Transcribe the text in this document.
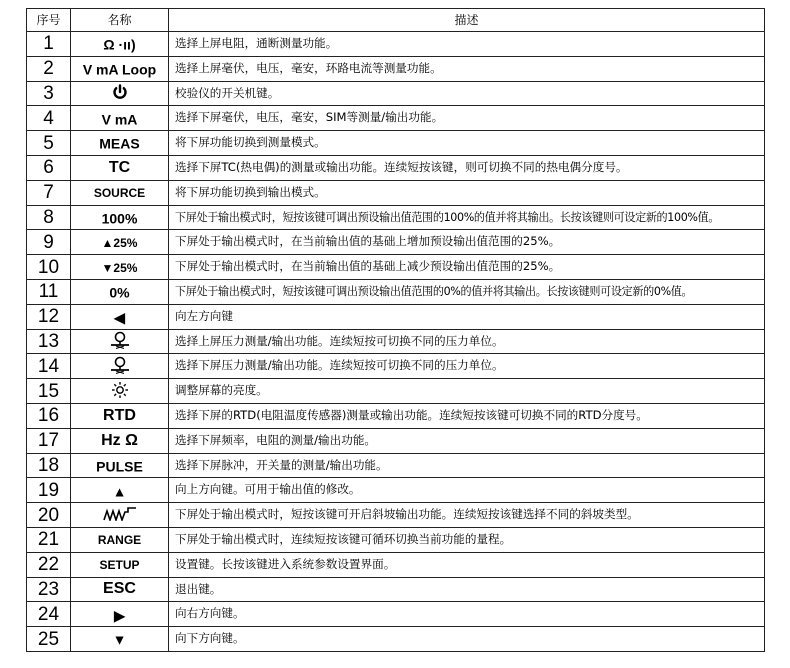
序号	名称	描述
1	Ω ·ıı)	选择上屏电阻，通断测量功能。
2	V mA Loop	选择上屏毫伏，电压，毫安，环路电流等测量功能。
3		校验仪的开关机键。
4	V mA	选择下屏毫伏，电压，毫安，SIM等测量/输出功能。
5	MEAS	将下屏功能切换到测量模式。
6	TC	选择下屏TC(热电偶)的测量或输出功能。连续短按该键，则可切换不同的热电偶分度号。
7	SOURCE	将下屏功能切换到输出模式。
8	100%	下屏处于输出模式时，短按该键可调出预设输出值范围的100%的值并将其输出。长按该键则可设定新的100%值。
9	▲25%	下屏处于输出模式时，在当前输出值的基础上增加预设输出值范围的25%。
10	▼25%	下屏处于输出模式时，在当前输出值的基础上减少预设输出值范围的25%。
11	0%	下屏处于输出模式时，短按该键可调出预设输出值范围的0%的值并将其输出。长按该键则可设定新的0%值。
12	◀	向左方向键
13		选择上屏压力测量/输出功能。连续短按可切换不同的压力单位。
14		选择下屏压力测量/输出功能。连续短按可切换不同的压力单位。
15		调整屏幕的亮度。
16	RTD	选择下屏的RTD(电阻温度传感器)测量或输出功能。连续短按该键可切换不同的RTD分度号。
17	Hz Ω	选择下屏频率，电阻的测量/输出功能。
18	PULSE	选择下屏脉冲，开关量的测量/输出功能。
19	▲	向上方向键。可用于输出值的修改。
20		下屏处于输出模式时，短按该键可开启斜坡输出功能。连续短按该键选择不同的斜坡类型。
21	RANGE	下屏处于输出模式时，连续短按该键可循环切换当前功能的量程。
22	SETUP	设置键。长按该键进入系统参数设置界面。
23	ESC	退出键。
24	▶	向右方向键。
25	▼	向下方向键。
